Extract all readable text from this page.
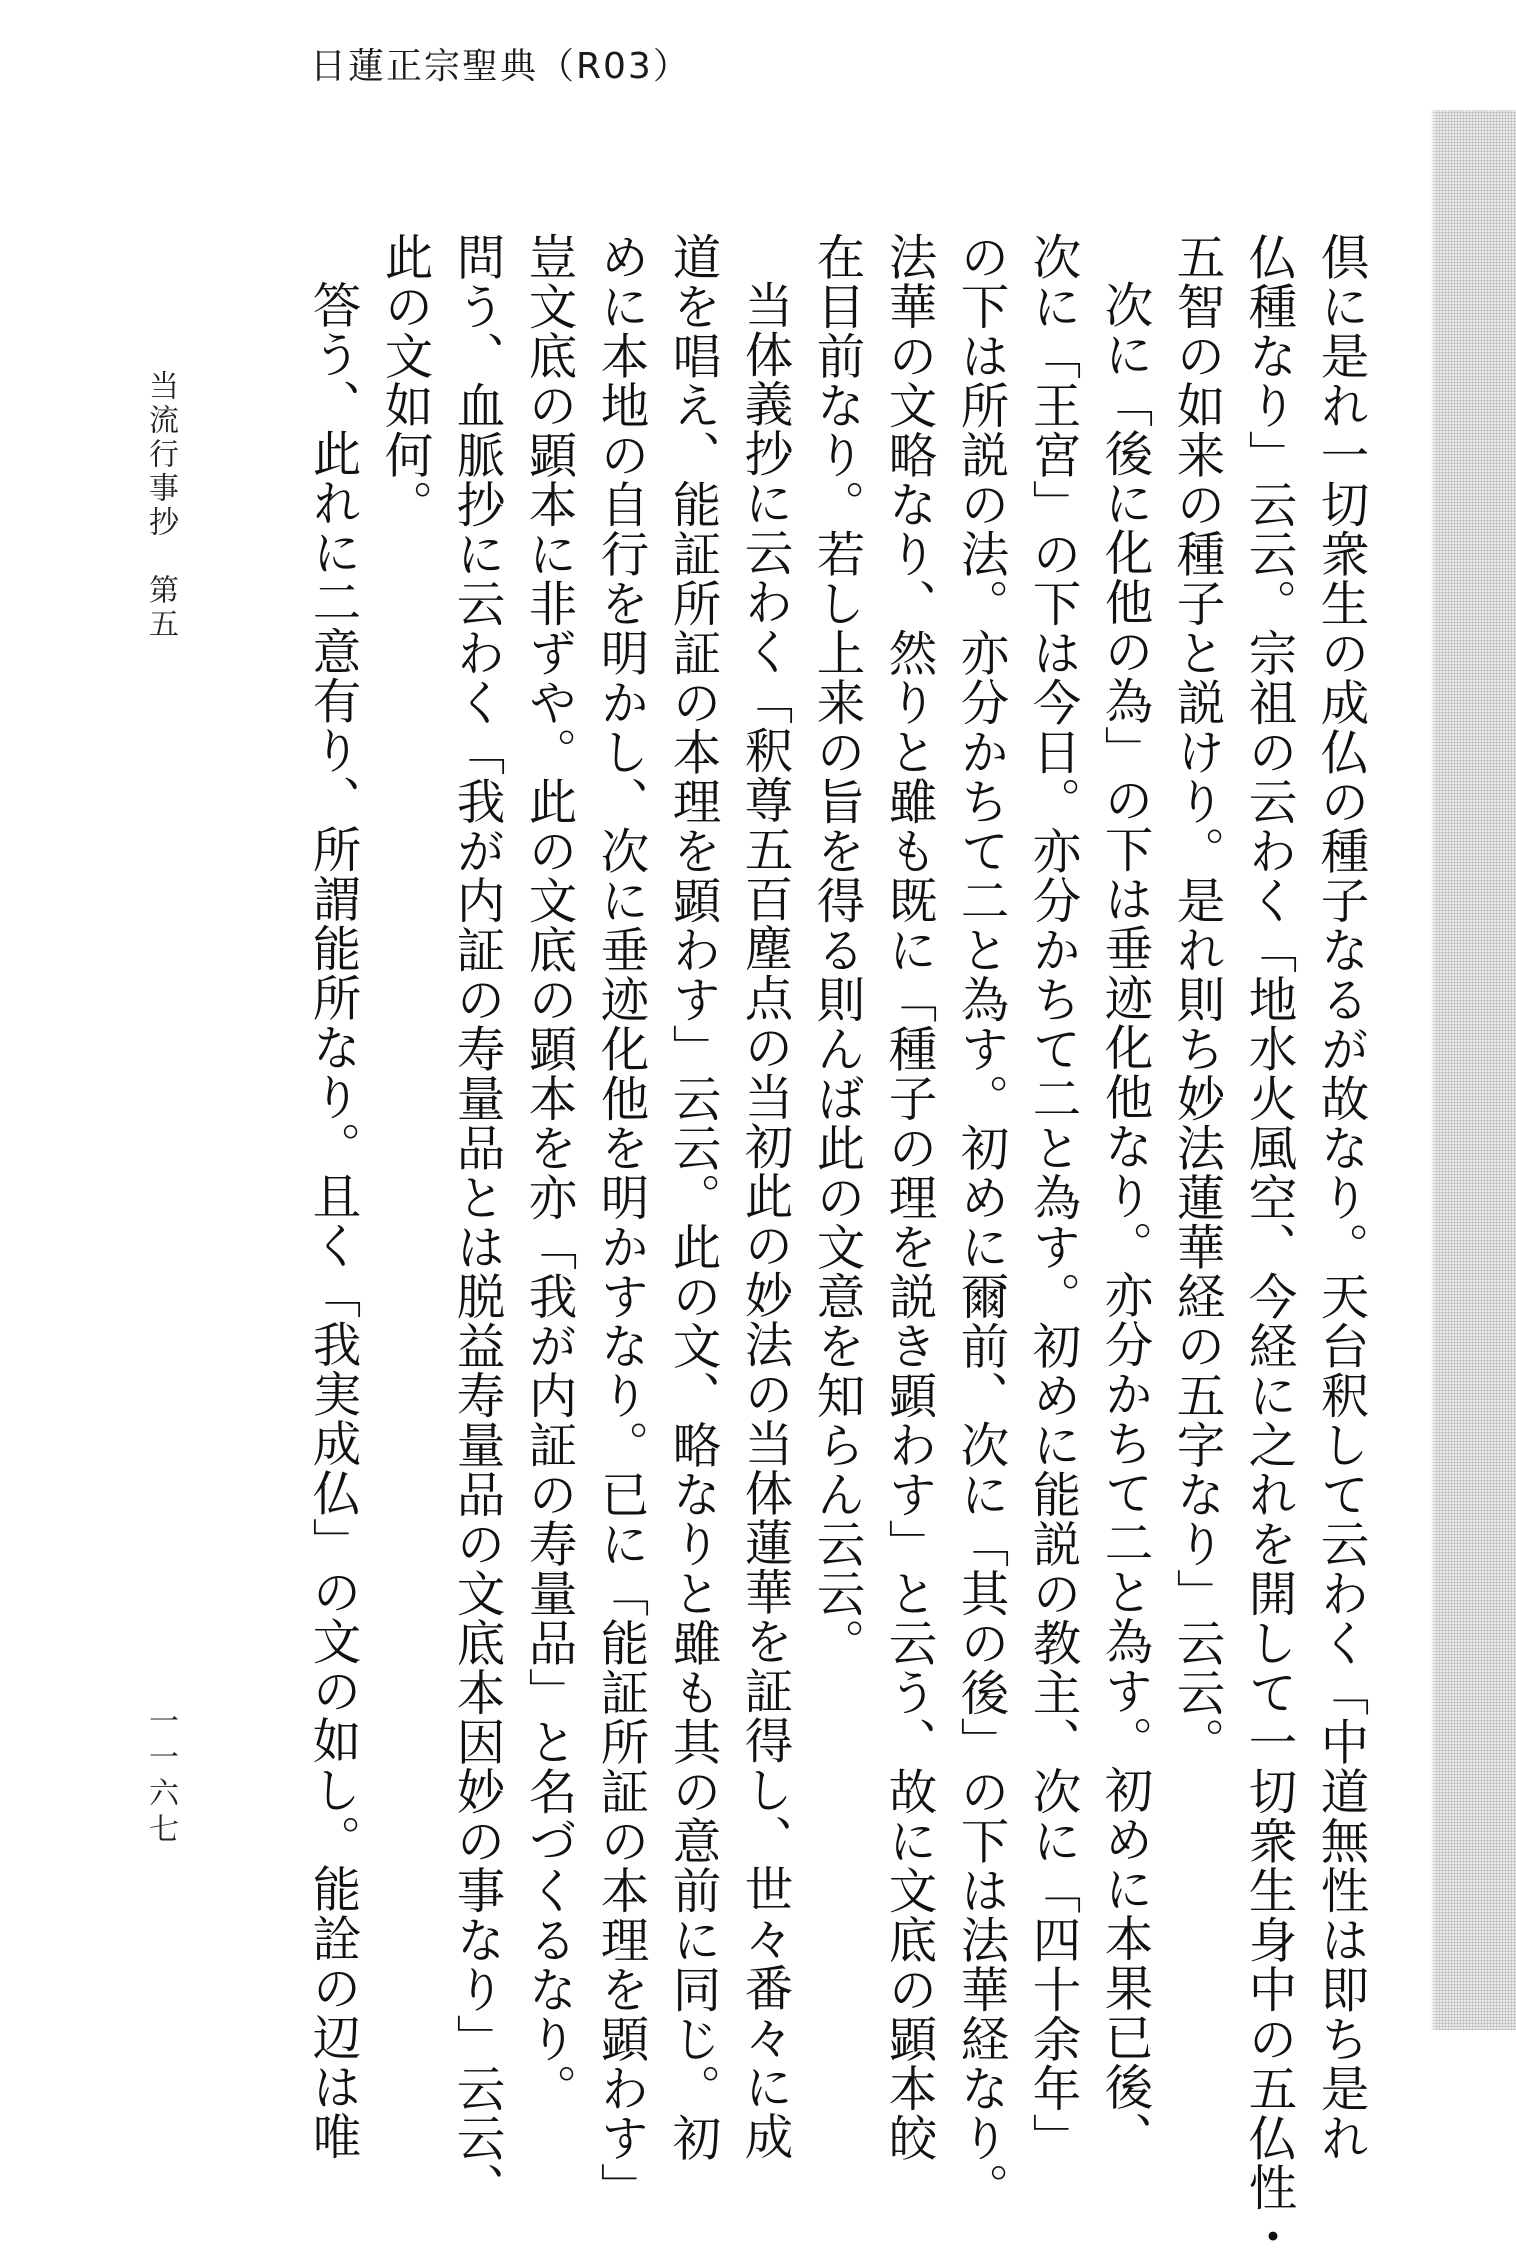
日蓮正宗聖典（R03）
倶に是れ一切衆生の成仏の種子なるが故なり。天台釈して云わく「中道無性は即ち是れ
仏種なり」云云。宗祖の云わく「地水火風空、今経に之れを開して一切衆生身中の五仏性・
五智の如来の種子と説けり。是れ則ち妙法蓮華経の五字なり」云云。
次に「後に化他の為」の下は垂迹化他なり。亦分かちて二と為す。初めに本果已後、
次に「王宮」の下は今日。亦分かちて二と為す。初めに能説の教主、次に「四十余年」
の下は所説の法。亦分かちて二と為す。初めに爾前、次に「其の後」の下は法華経なり。
法華の文略なり、然りと雖も既に「種子の理を説き顕わす」と云う、故に文底の顕本皎
在目前なり。若し上来の旨を得る則んば此の文意を知らん云云。
当体義抄に云わく「釈尊五百塵点の当初此の妙法の当体蓮華を証得し、世々番々に成
道を唱え、能証所証の本理を顕わす」云云。此の文、略なりと雖も其の意前に同じ。初
めに本地の自行を明かし、次に垂迹化他を明かすなり。已に「能証所証の本理を顕わす」
豈文底の顕本に非ずや。此の文底の顕本を亦「我が内証の寿量品」と名づくるなり。
問う、血脈抄に云わく「我が内証の寿量品とは脱益寿量品の文底本因妙の事なり」云云、
此の文如何。
答う、此れに二意有り、所謂能所なり。且く「我実成仏」の文の如し。能詮の辺は唯
当流行事抄　第五
一一六七
